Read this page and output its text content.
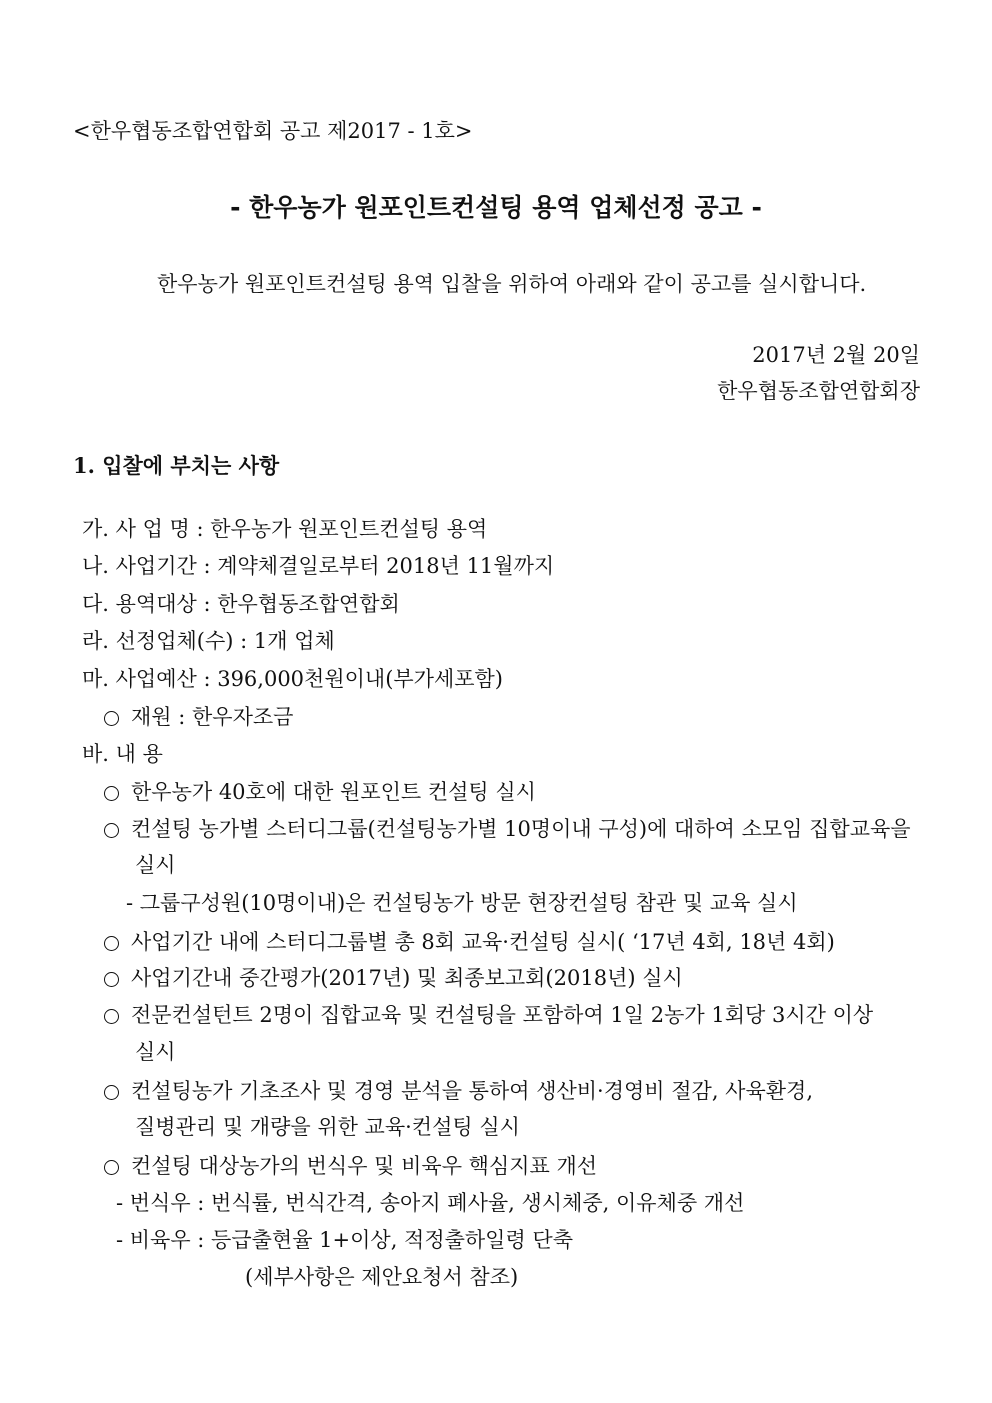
<한우협동조합연합회 공고 제2017 - 1호>
- 한우농가 원포인트컨설팅 용역 업체선정 공고 -
한우농가 원포인트컨설팅 용역 입찰을 위하여 아래와 같이 공고를 실시합니다.
2017년 2월 20일
한우협동조합연합회장
1. 입찰에 부치는 사항
가. 사 업 명 : 한우농가 원포인트컨설팅 용역
나. 사업기간 : 계약체결일로부터 2018년 11월까지
다. 용역대상 : 한우협동조합연합회
라. 선정업체(수) : 1개 업체
마. 사업예산 : 396,000천원이내(부가세포함)
재원 : 한우자조금
바. 내 용
한우농가 40호에 대한 원포인트 컨설팅 실시
컨설팅 농가별 스터디그룹(컨설팅농가별 10명이내 구성)에 대하여 소모임 집합교육을
실시
- 그룹구성원(10명이내)은 컨설팅농가 방문 현장컨설팅 참관 및 교육 실시
사업기간 내에 스터디그룹별 총 8회 교육·컨설팅 실시( ‘17년 4회, 18년 4회)
사업기간내 중간평가(2017년) 및 최종보고회(2018년) 실시
전문컨설턴트 2명이 집합교육 및 컨설팅을 포함하여 1일 2농가 1회당 3시간 이상
실시
컨설팅농가 기초조사 및 경영 분석을 통하여 생산비·경영비 절감, 사육환경,
질병관리 및 개량을 위한 교육·컨설팅 실시
컨설팅 대상농가의 번식우 및 비육우 핵심지표 개선
- 번식우 : 번식률, 번식간격, 송아지 폐사율, 생시체중, 이유체중 개선
- 비육우 : 등급출현율 1+이상, 적정출하일령 단축
(세부사항은 제안요청서 참조)
